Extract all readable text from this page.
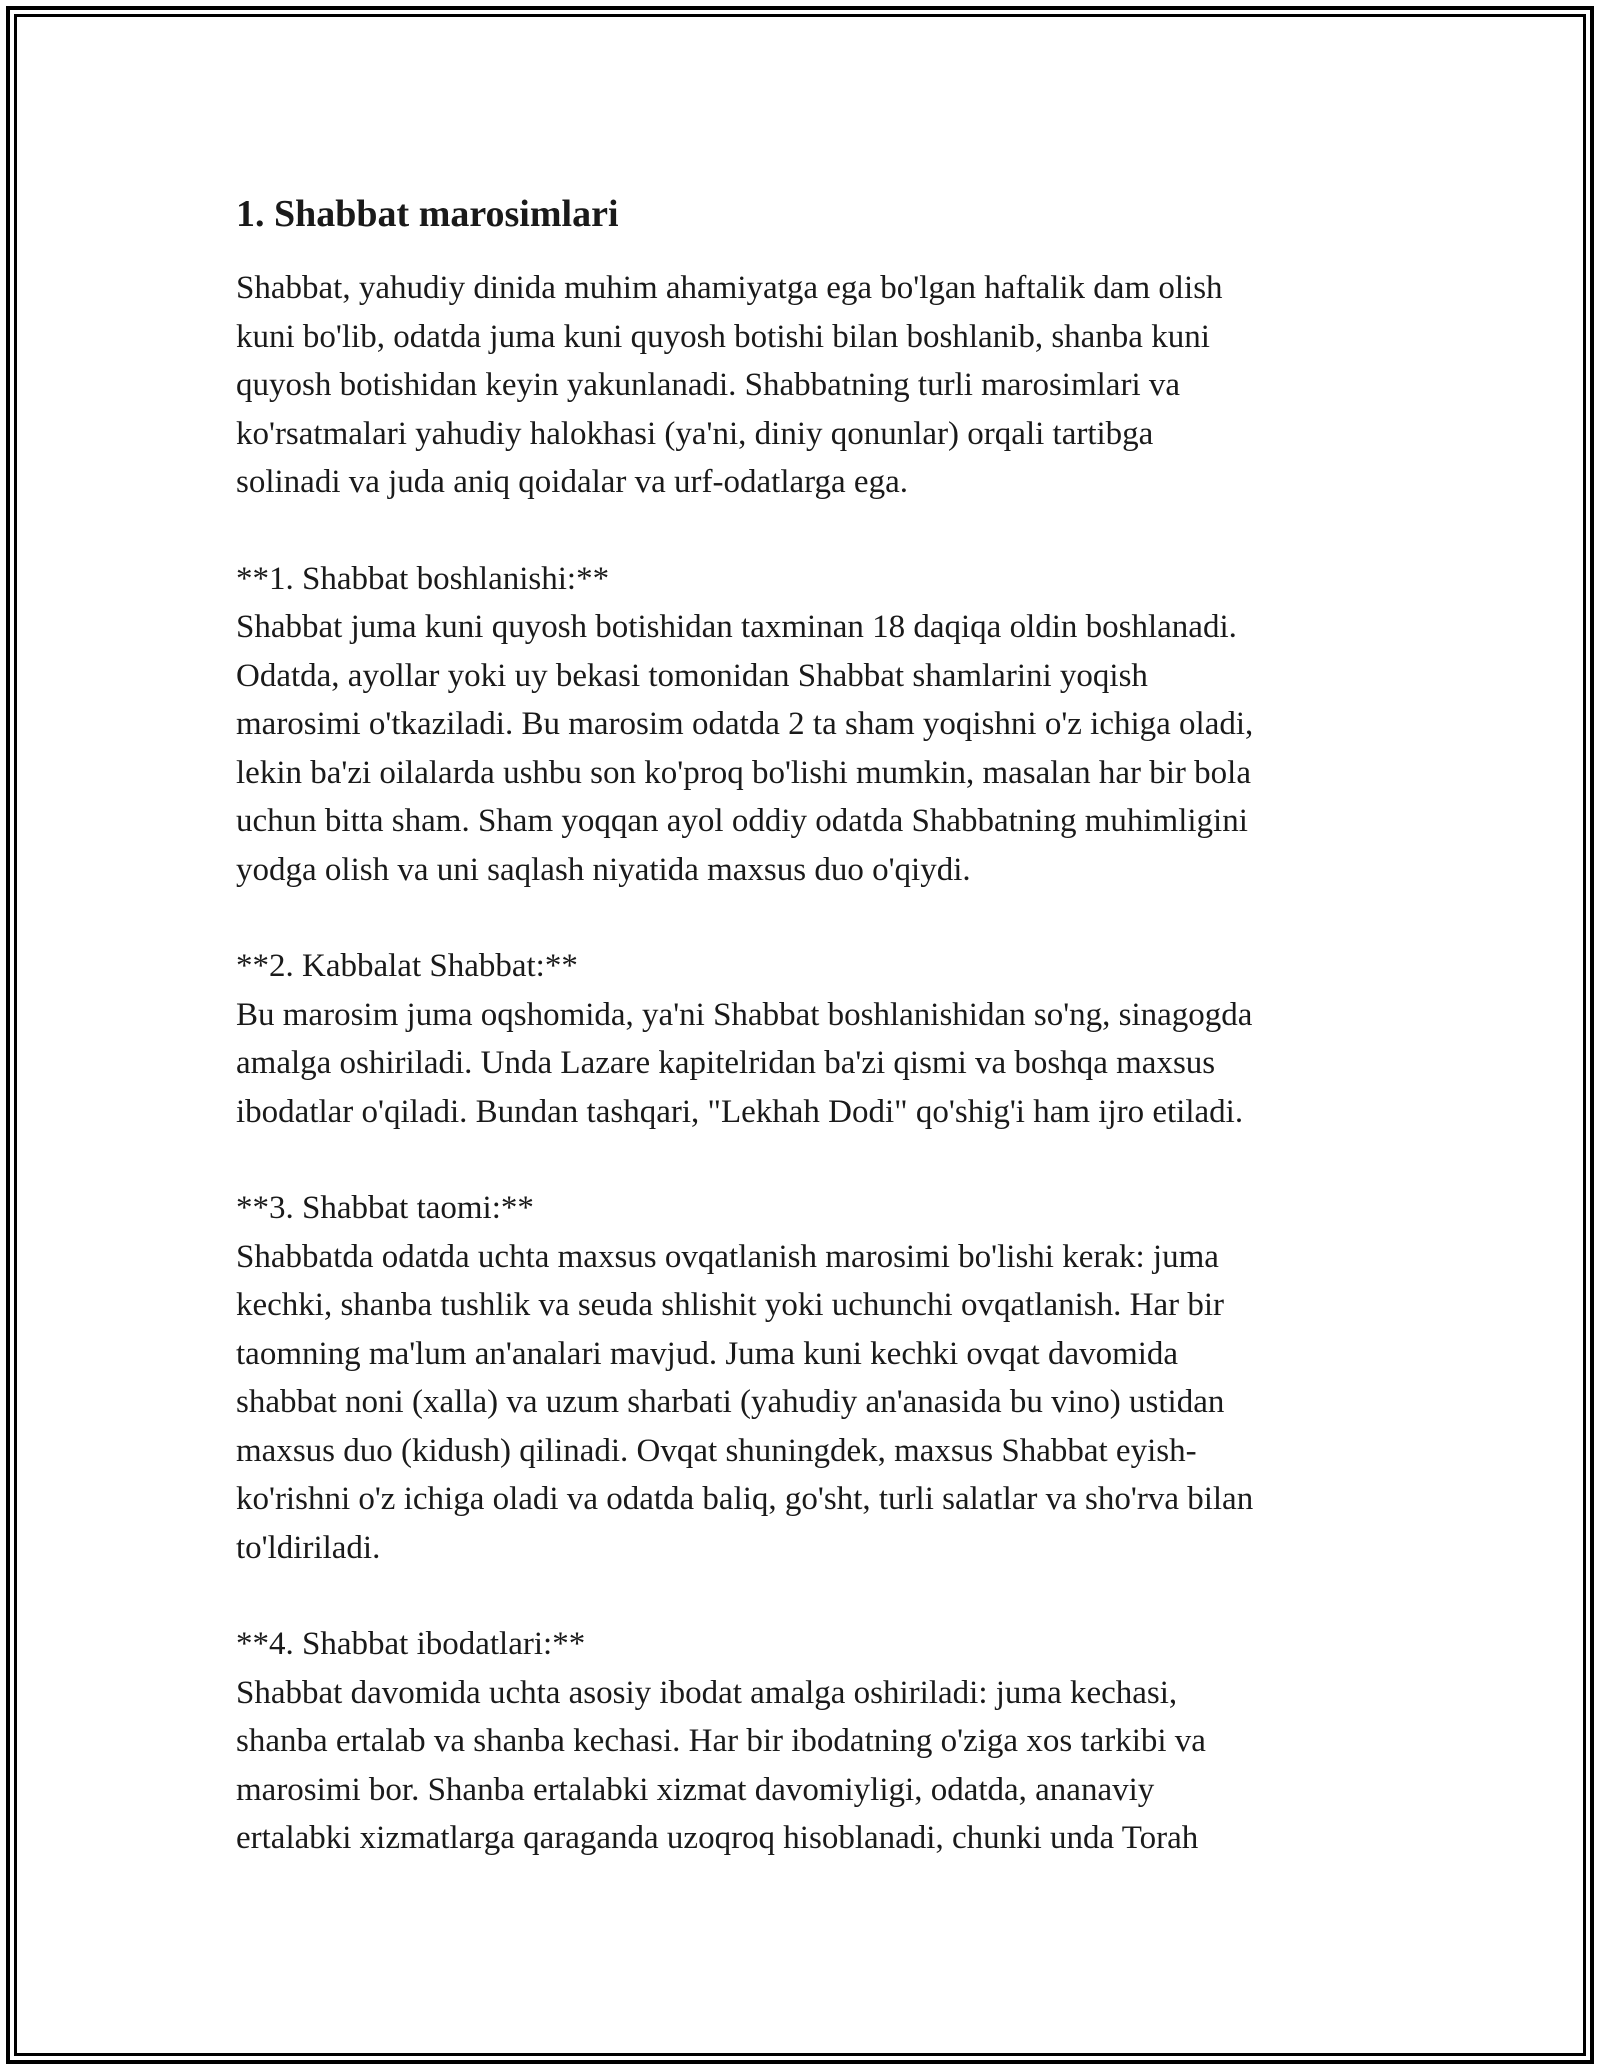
1. Shabbat marosimlari
Shabbat, yahudiy dinida muhim ahamiyatga ega bo'lgan haftalik dam olish
kuni bo'lib, odatda juma kuni quyosh botishi bilan boshlanib, shanba kuni
quyosh botishidan keyin yakunlanadi. Shabbatning turli marosimlari va
ko'rsatmalari yahudiy halokhasi (ya'ni, diniy qonunlar) orqali tartibga
solinadi va juda aniq qoidalar va urf-odatlarga ega.
**1. Shabbat boshlanishi:**
Shabbat juma kuni quyosh botishidan taxminan 18 daqiqa oldin boshlanadi.
Odatda, ayollar yoki uy bekasi tomonidan Shabbat shamlarini yoqish
marosimi o'tkaziladi. Bu marosim odatda 2 ta sham yoqishni o'z ichiga oladi,
lekin ba'zi oilalarda ushbu son ko'proq bo'lishi mumkin, masalan har bir bola
uchun bitta sham. Sham yoqqan ayol oddiy odatda Shabbatning muhimligini
yodga olish va uni saqlash niyatida maxsus duo o'qiydi.
**2. Kabbalat Shabbat:**
Bu marosim juma oqshomida, ya'ni Shabbat boshlanishidan so'ng, sinagogda
amalga oshiriladi. Unda Lazare kapitelridan ba'zi qismi va boshqa maxsus
ibodatlar o'qiladi. Bundan tashqari, "Lekhah Dodi" qo'shig'i ham ijro etiladi.
**3. Shabbat taomi:**
Shabbatda odatda uchta maxsus ovqatlanish marosimi bo'lishi kerak: juma
kechki, shanba tushlik va seuda shlishit yoki uchunchi ovqatlanish. Har bir
taomning ma'lum an'analari mavjud. Juma kuni kechki ovqat davomida
shabbat noni (xalla) va uzum sharbati (yahudiy an'anasida bu vino) ustidan
maxsus duo (kidush) qilinadi. Ovqat shuningdek, maxsus Shabbat eyish-
ko'rishni o'z ichiga oladi va odatda baliq, go'sht, turli salatlar va sho'rva bilan
to'ldiriladi.
**4. Shabbat ibodatlari:**
Shabbat davomida uchta asosiy ibodat amalga oshiriladi: juma kechasi,
shanba ertalab va shanba kechasi. Har bir ibodatning o'ziga xos tarkibi va
marosimi bor. Shanba ertalabki xizmat davomiyligi, odatda, ananaviy
ertalabki xizmatlarga qaraganda uzoqroq hisoblanadi, chunki unda Torah
